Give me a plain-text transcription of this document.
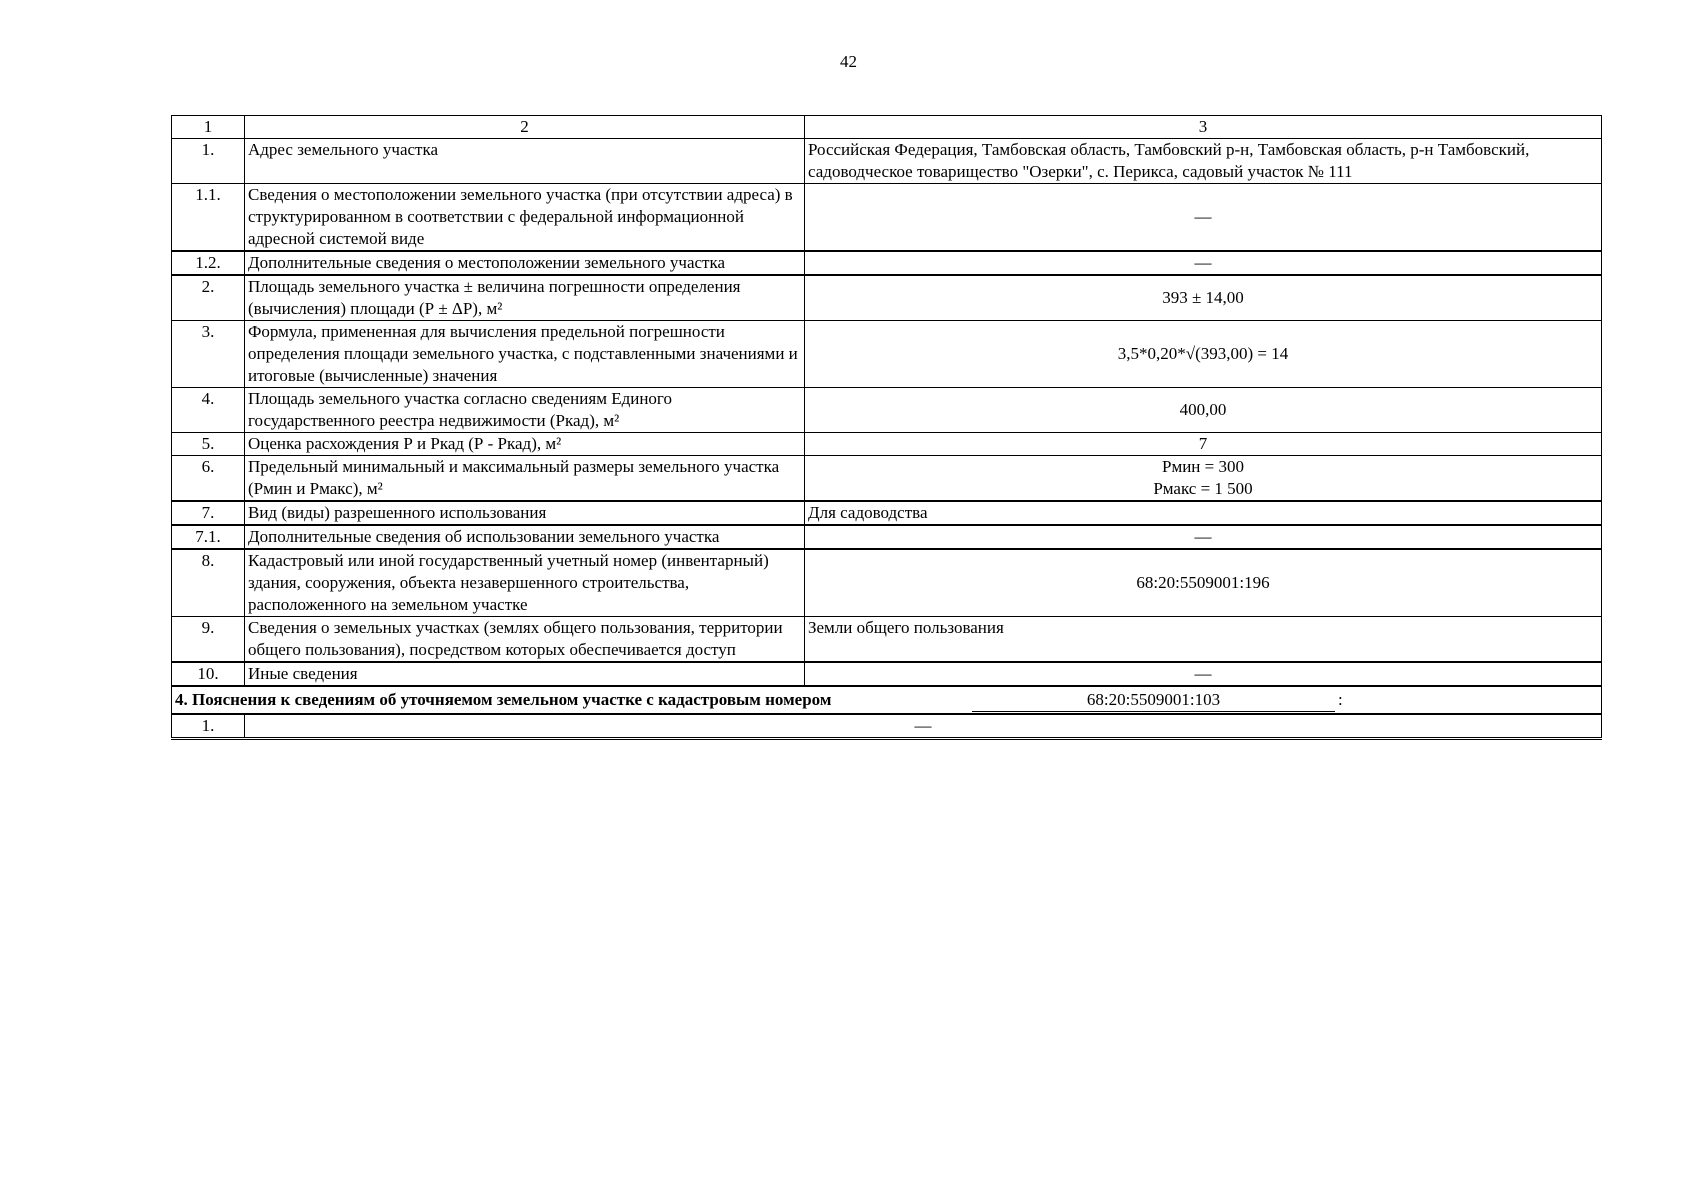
42
1	2	3
1.	Адрес земельного участка	Российская Федерация, Тамбовская область, Тамбовский р-н, Тамбовская область, р-н Тамбовский, садоводческое товарищество "Озерки", с. Перикса, садовый участок № 111
1.1.	Сведения о местоположении земельного участка (при отсутствии адреса) в структурированном в соответствии с федеральной информационной адресной системой виде	—
1.2.	Дополнительные сведения о местоположении земельного участка	—
2.	Площадь земельного участка ± величина погрешности определения (вычисления) площади (Р ± ΔР), м²	393 ± 14,00
3.	Формула, примененная для вычисления предельной погрешности определения площади земельного участка, с подставленными значениями и итоговые (вычисленные) значения	3,5*0,20*√(393,00) = 14
4.	Площадь земельного участка согласно сведениям Единого государственного реестра недвижимости (Ркад), м²	400,00
5.	Оценка расхождения Р и Ркад (Р - Ркад), м²	7
6.	Предельный минимальный и максимальный размеры земельного участка (Рмин и Рмакс), м²	Рмин = 300
Рмакс = 1 500

7.	Вид (виды) разрешенного использования	Для садоводства
7.1.	Дополнительные сведения об использовании земельного участка	—
8.	Кадастровый или иной государственный учетный номер (инвентарный) здания, сооружения, объекта незавершенного строительства, расположенного на земельном участке	68:20:5509001:196
9.	Сведения о земельных участках (землях общего пользования, территории общего пользования), посредством которых обеспечивается доступ	Земли общего пользования
10.	Иные сведения	—

4. Пояснения к сведениям об уточняемом земельном участке с кадастровым номером 68:20:5509001:103 :		

1.	—	
